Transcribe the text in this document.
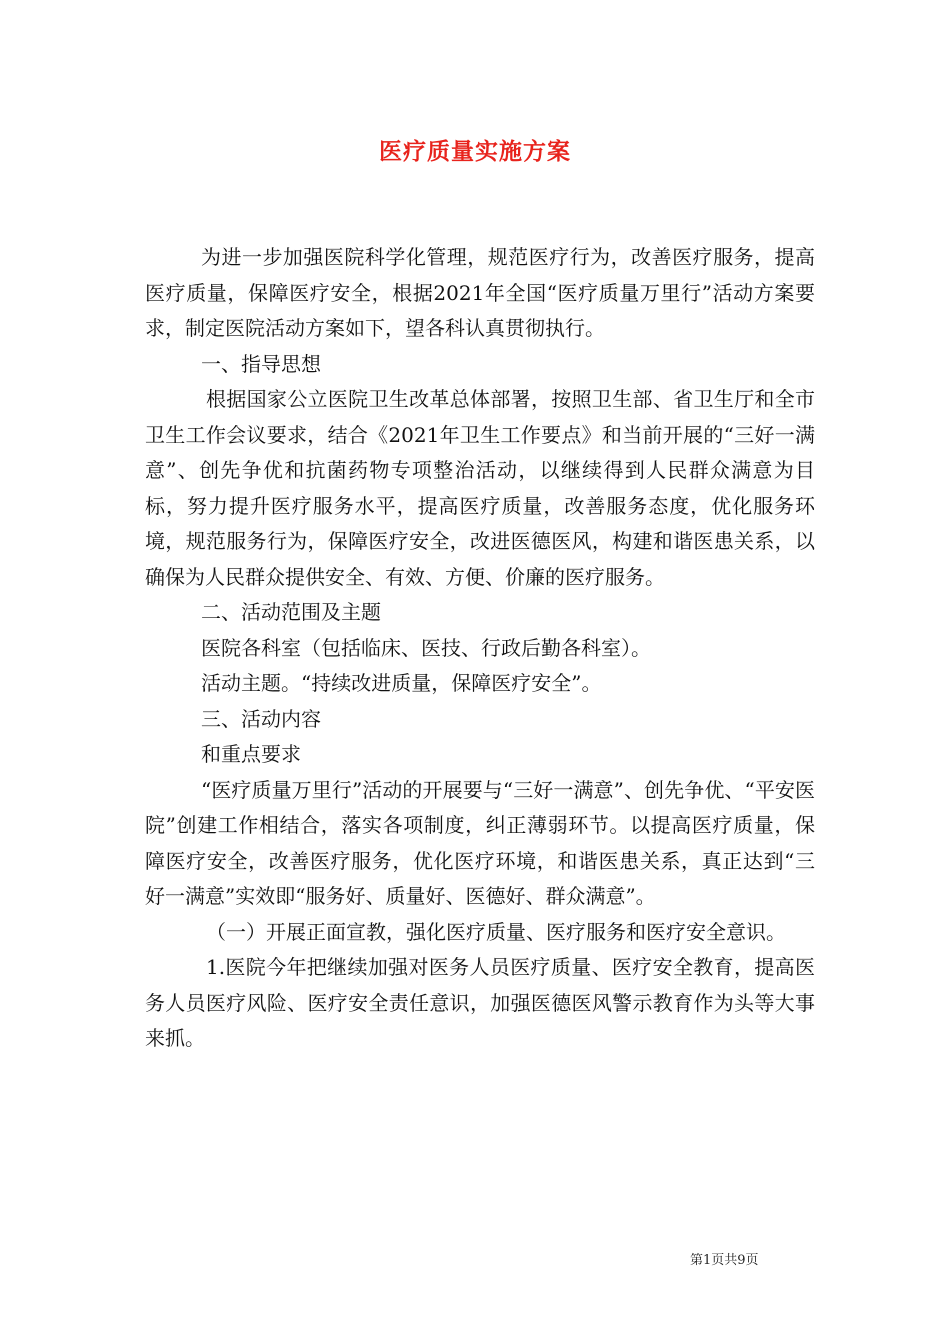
医疗质量实施方案

为进一步加强医院科学化管理，规范医疗行为，改善医疗服务，提高医疗质量，保障医疗安全，根据2021年全国“医疗质量万里行”活动方案要求，制定医院活动方案如下，望各科认真贯彻执行。

一、指导思想

根据国家公立医院卫生改革总体部署，按照卫生部、省卫生厅和全市卫生工作会议要求，结合《2021年卫生工作要点》和当前开展的“三好一满意”、创先争优和抗菌药物专项整治活动，以继续得到人民群众满意为目标，努力提升医疗服务水平，提高医疗质量，改善服务态度，优化服务环境，规范服务行为，保障医疗安全，改进医德医风，构建和谐医患关系，以确保为人民群众提供安全、有效、方便、价廉的医疗服务。

二、活动范围及主题

医院各科室（包括临床、医技、行政后勤各科室）。

活动主题。“持续改进质量，保障医疗安全”。

三、活动内容

和重点要求

“医疗质量万里行”活动的开展要与“三好一满意”、创先争优、“平安医院”创建工作相结合，落实各项制度，纠正薄弱环节。以提高医疗质量，保障医疗安全，改善医疗服务，优化医疗环境，和谐医患关系，真正达到“三好一满意”实效即“服务好、质量好、医德好、群众满意”。

（一）开展正面宣教，强化医疗质量、医疗服务和医疗安全意识。

1.医院今年把继续加强对医务人员医疗质量、医疗安全教育，提高医务人员医疗风险、医疗安全责任意识，加强医德医风警示教育作为头等大事来抓。

第1页共9页
